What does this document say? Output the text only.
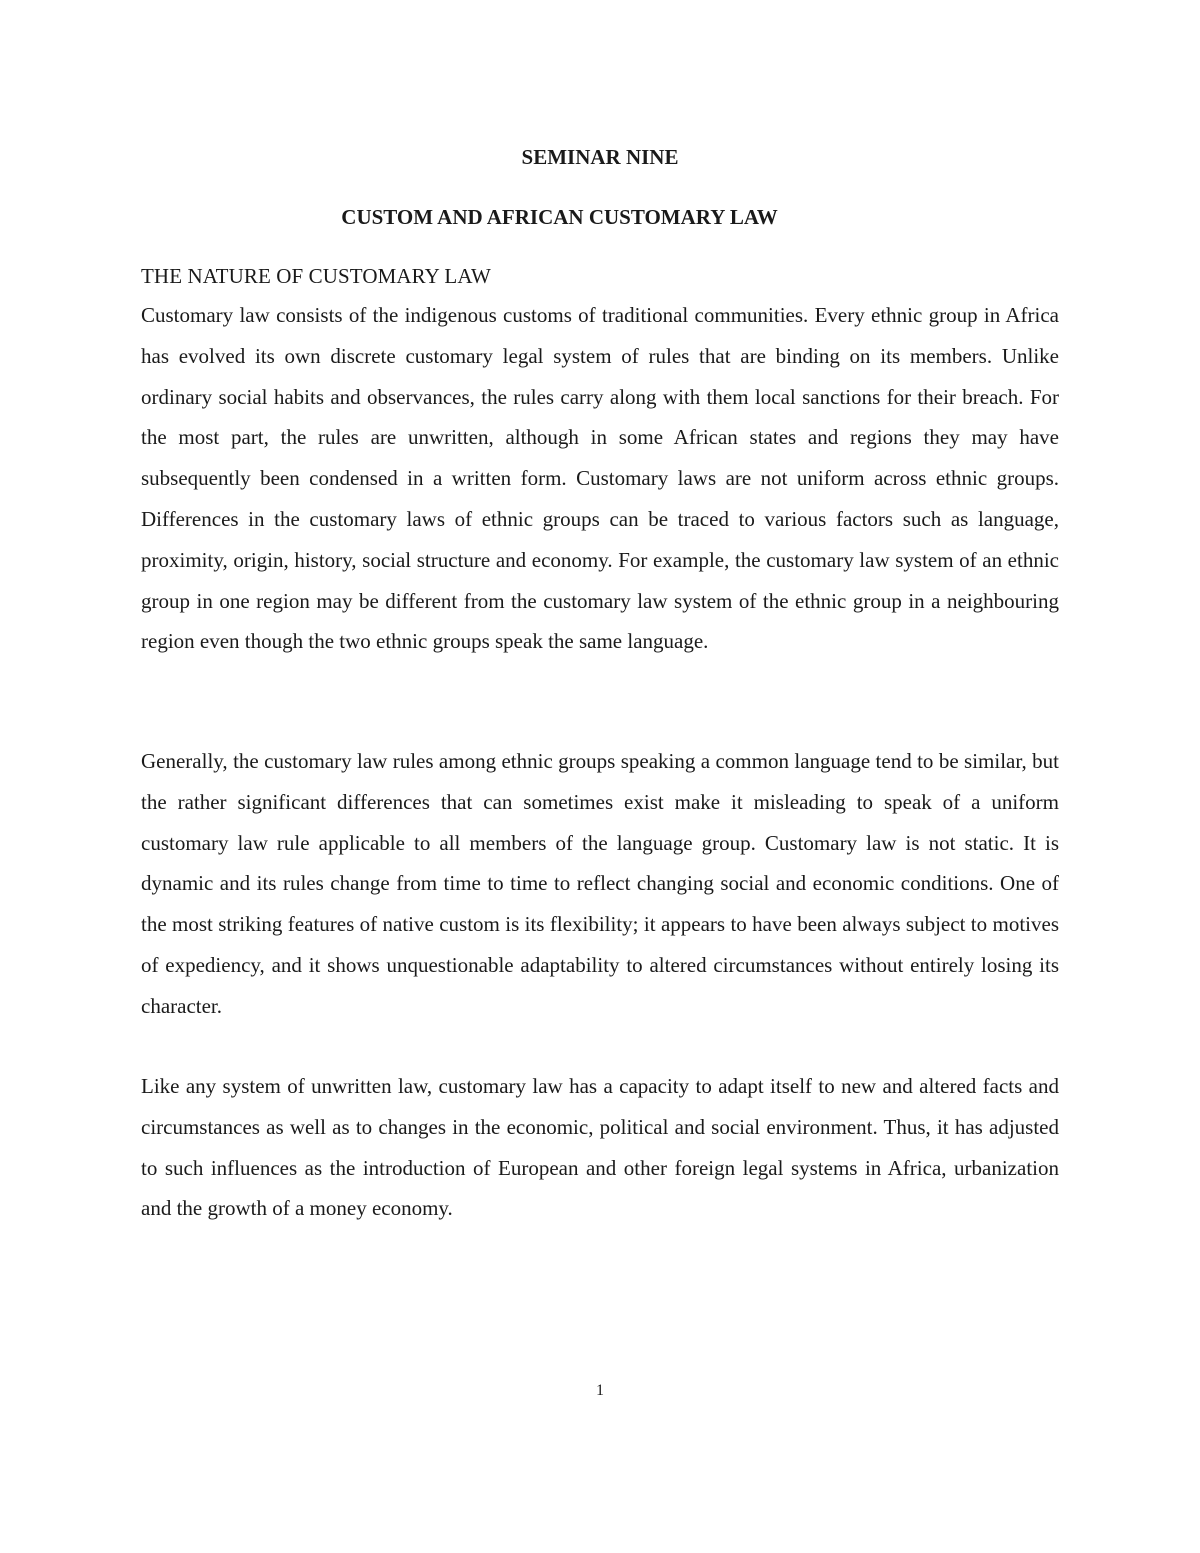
SEMINAR NINE
CUSTOM AND AFRICAN CUSTOMARY LAW
THE NATURE OF CUSTOMARY LAW

Customary law consists of the indigenous customs of traditional communities. Every ethnic group in Africa has evolved its own discrete customary legal system of rules that are binding on its members. Unlike ordinary social habits and observances, the rules carry along with them local sanctions for their breach. For the most part, the rules are unwritten, although in some African states and regions they may have subsequently been condensed in a written form. Customary laws are not uniform across ethnic groups. Differences in the customary laws of ethnic groups can be traced to various factors such as language, proximity, origin, history, social structure and economy. For example, the customary law system of an ethnic group in one region may be different from the customary law system of the ethnic group in a neighbouring region even though the two ethnic groups speak the same language.

Generally, the customary law rules among ethnic groups speaking a common language tend to be similar, but the rather significant differences that can sometimes exist make it misleading to speak of a uniform customary law rule applicable to all members of the language group. Customary law is not static. It is dynamic and its rules change from time to time to reflect changing social and economic conditions. One of the most striking features of native custom is its flexibility; it appears to have been always subject to motives of expediency, and it shows unquestionable adaptability to altered circumstances without entirely losing its character.

Like any system of unwritten law, customary law has a capacity to adapt itself to new and altered facts and circumstances as well as to changes in the economic, political and social environment. Thus, it has adjusted to such influences as the introduction of European and other foreign legal systems in Africa, urbanization and the growth of a money economy.

1
